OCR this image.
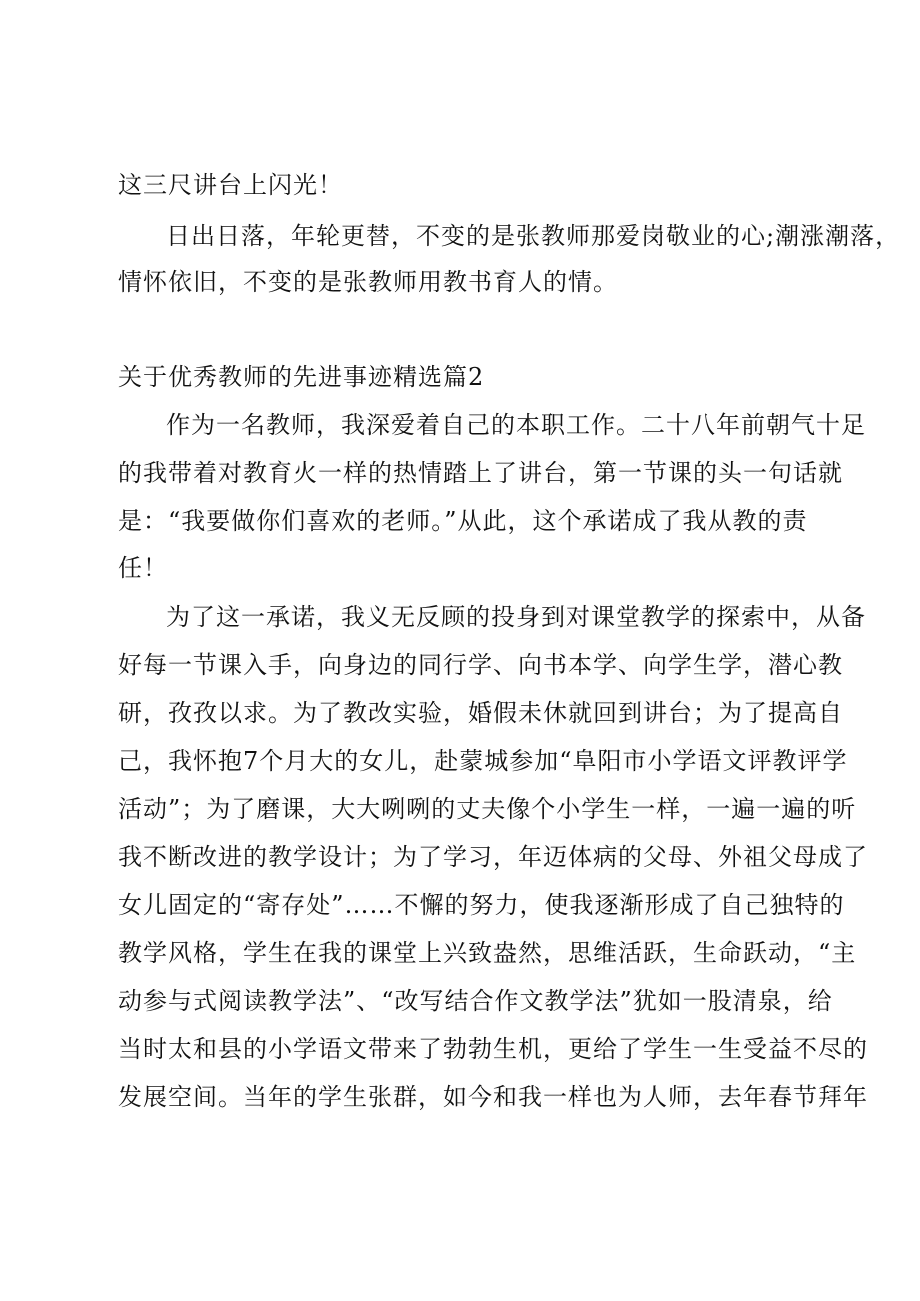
这三尺讲台上闪光！
日出日落，年轮更替，不变的是张教师那爱岗敬业的心;潮涨潮落，
情怀依旧，不变的是张教师用教书育人的情。
关于优秀教师的先进事迹精选篇2
作为一名教师，我深爱着自己的本职工作。二十八年前朝气十足
的我带着对教育火一样的热情踏上了讲台，第一节课的头一句话就
是：“我要做你们喜欢的老师。”从此，这个承诺成了我从教的责
任！
为了这一承诺，我义无反顾的投身到对课堂教学的探索中，从备
好每一节课入手，向身边的同行学、向书本学、向学生学，潜心教
研，孜孜以求。为了教改实验，婚假未休就回到讲台；为了提高自
己，我怀抱7个月大的女儿，赴蒙城参加“阜阳市小学语文评教评学
活动”；为了磨课，大大咧咧的丈夫像个小学生一样，一遍一遍的听
我不断改进的教学设计；为了学习，年迈体病的父母、外祖父母成了
女儿固定的“寄存处”……不懈的努力，使我逐渐形成了自己独特的
教学风格，学生在我的课堂上兴致盎然，思维活跃，生命跃动，“主
动参与式阅读教学法”、“改写结合作文教学法”犹如一股清泉，给
当时太和县的小学语文带来了勃勃生机，更给了学生一生受益不尽的
发展空间。当年的学生张群，如今和我一样也为人师，去年春节拜年
